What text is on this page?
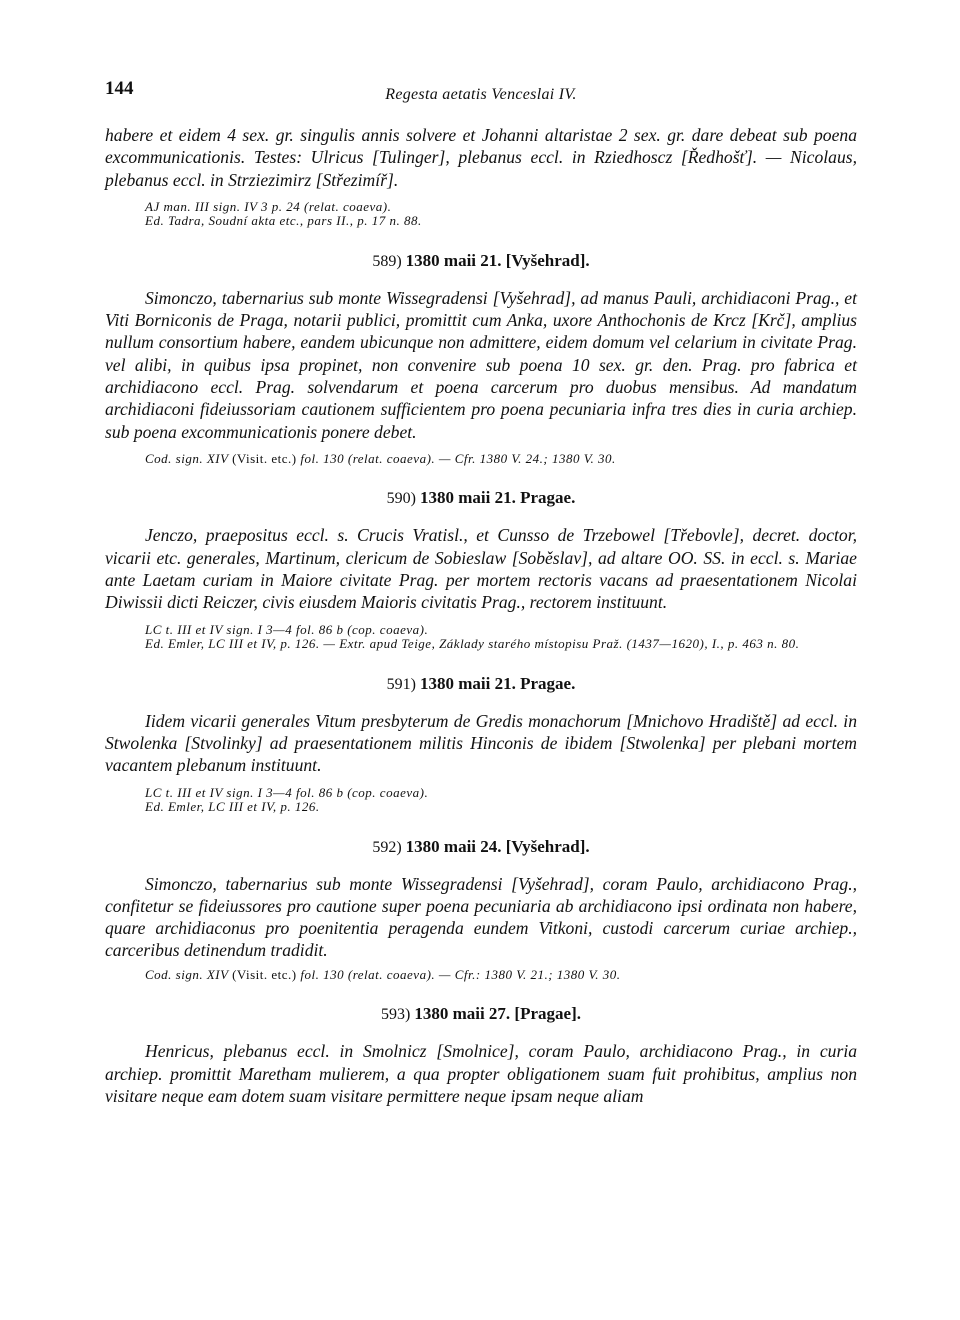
144	Regesta aetatis Venceslai IV.

habere et eidem 4 sex. gr. singulis annis solvere et Johanni altaristae 2 sex. gr. dare debeat sub poena excommunicationis. Testes: Ulricus [Tulinger], plebanus eccl. in Rziedhoscz [Ředhošť]. — Nicolaus, plebanus eccl. in Strziezimirz [Střezimíř].

AJ man. III sign. IV 3 p. 24 (relat. coaeva).

Ed. Tadra, Soudní akta etc., pars II., p. 17 n. 88.

589) 1380 maii 21. [Vyšehrad].

Simonczo, tabernarius sub monte Wissegradensi [Vyšehrad], ad manus Pauli, archidiaconi Prag., et Viti Borniconis de Praga, notarii publici, promittit cum Anka, uxore Anthochonis de Krcz [Krč], amplius nullum consortium habere, eandem ubicunque non admittere, eidem domum vel celarium in civitate Prag. vel alibi, in quibus ipsa propinet, non convenire sub poena 10 sex. gr. den. Prag. pro fabrica et archidiacono eccl. Prag. solvendarum et poena carcerum pro duobus mensibus. Ad mandatum archidiaconi fideiussoriam cautionem sufficientem pro poena pecuniaria infra tres dies in curia archiep. sub poena excommunicationis ponere debet.

Cod. sign. XIV (Visit. etc.) fol. 130 (relat. coaeva). — Cfr. 1380 V. 24.; 1380 V. 30.

590) 1380 maii 21. Pragae.

Jenczo, praepositus eccl. s. Crucis Vratisl., et Cunsso de Trzebowel [Třebovle], decret. doctor, vicarii etc. generales, Martinum, clericum de Sobieslaw [Soběslav], ad altare OO. SS. in eccl. s. Mariae ante Laetam curiam in Maiore civitate Prag. per mortem rectoris vacans ad praesentationem Nicolai Diwissii dicti Reiczer, civis eiusdem Maioris civitatis Prag., rectorem instituunt.

LC t. III et IV sign. I 3—4 fol. 86 b (cop. coaeva).

Ed. Emler, LC III et IV, p. 126. — Extr. apud Teige, Základy starého místopisu Praž. (1437—1620), I., p. 463 n. 80.

591) 1380 maii 21. Pragae.

Iidem vicarii generales Vitum presbyterum de Gredis monachorum [Mnichovo Hradiště] ad eccl. in Stwolenka [Stvolinky] ad praesentationem militis Hinconis de ibidem [Stwolenka] per plebani mortem vacantem plebanum instituunt.

LC t. III et IV sign. I 3—4 fol. 86 b (cop. coaeva).

Ed. Emler, LC III et IV, p. 126.

592) 1380 maii 24. [Vyšehrad].

Simonczo, tabernarius sub monte Wissegradensi [Vyšehrad], coram Paulo, archidiacono Prag., confitetur se fideiussores pro cautione super poena pecuniaria ab archidiacono ipsi ordinata non habere, quare archidiaconus pro poenitentia peragenda eundem Vitkoni, custodi carcerum curiae archiep., carceribus detinendum tradidit.

Cod. sign. XIV (Visit. etc.) fol. 130 (relat. coaeva). — Cfr.: 1380 V. 21.; 1380 V. 30.

593) 1380 maii 27. [Pragae].

Henricus, plebanus eccl. in Smolnicz [Smolnice], coram Paulo, archidiacono Prag., in curia archiep. promittit Maretham mulierem, a qua propter obligationem suam fuit prohibitus, amplius non visitare neque eam dotem suam visitare permittere neque ipsam neque aliam
